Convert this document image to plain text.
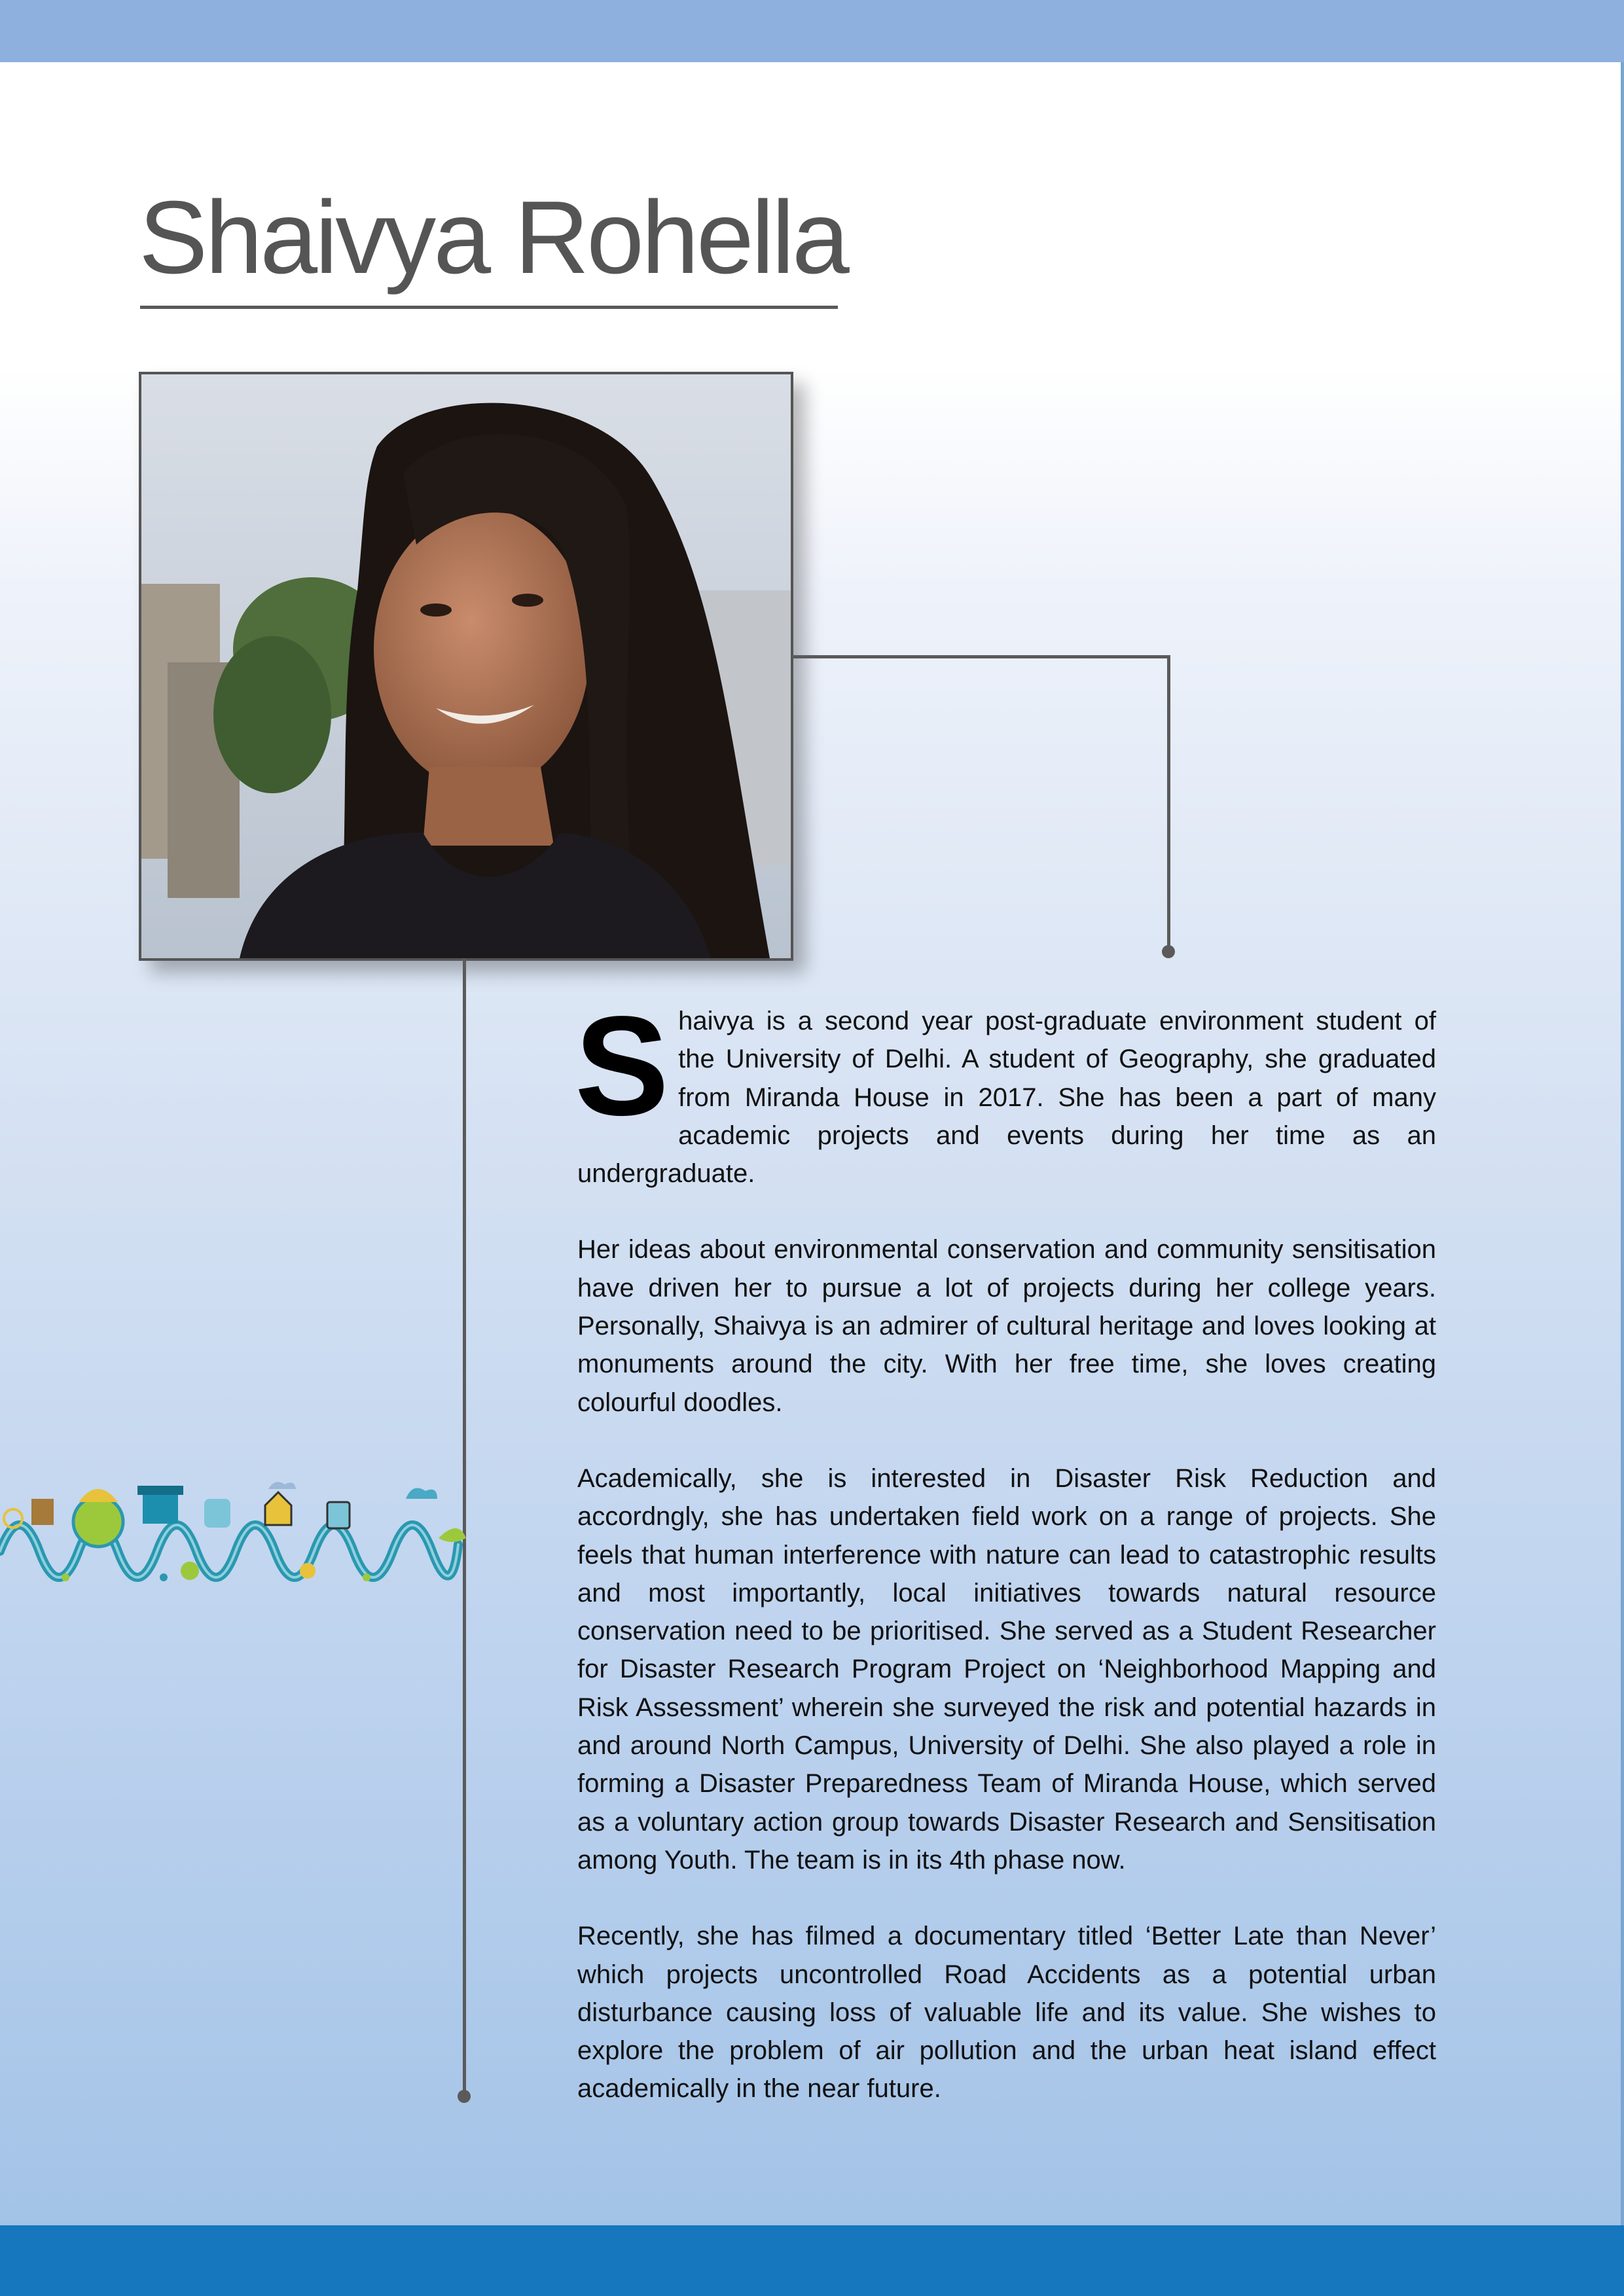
Shaivya Rohella

Shaivya is a second year post-graduate environment student of the University of Delhi. A student of Geography, she graduated from Miranda House in 2017. She has been a part of many academic projects and events during her time as an undergraduate.

Her ideas about environmental conservation and community sensitisation have driven her to pursue a lot of projects during her college years. Personally, Shaivya is an admirer of cultural heritage and loves looking at monuments around the city. With her free time, she loves creating colourful doodles.

Academically, she is interested in Disaster Risk Reduction and accordngly, she has undertaken field work on a range of projects. She feels that human interference with nature can lead to catastrophic results and most importantly, local initiatives towards natural resource conservation need to be prioritised. She served as a Student Researcher for Disaster Research Program Project on ‘Neighborhood Mapping and Risk Assessment’ wherein she surveyed the risk and potential hazards in and around North Campus, University of Delhi. She also played a role in forming a Disaster Preparedness Team of Miranda House, which served as a voluntary action group towards Disaster Research and Sensitisation among Youth. The team is in its 4th phase now.

Recently, she has filmed a documentary titled ‘Better Late than Never’ which projects uncontrolled Road Accidents as a potential urban disturbance causing loss of valuable life and its value. She wishes to explore the problem of air pollution and the urban heat island effect academically in the near future.
